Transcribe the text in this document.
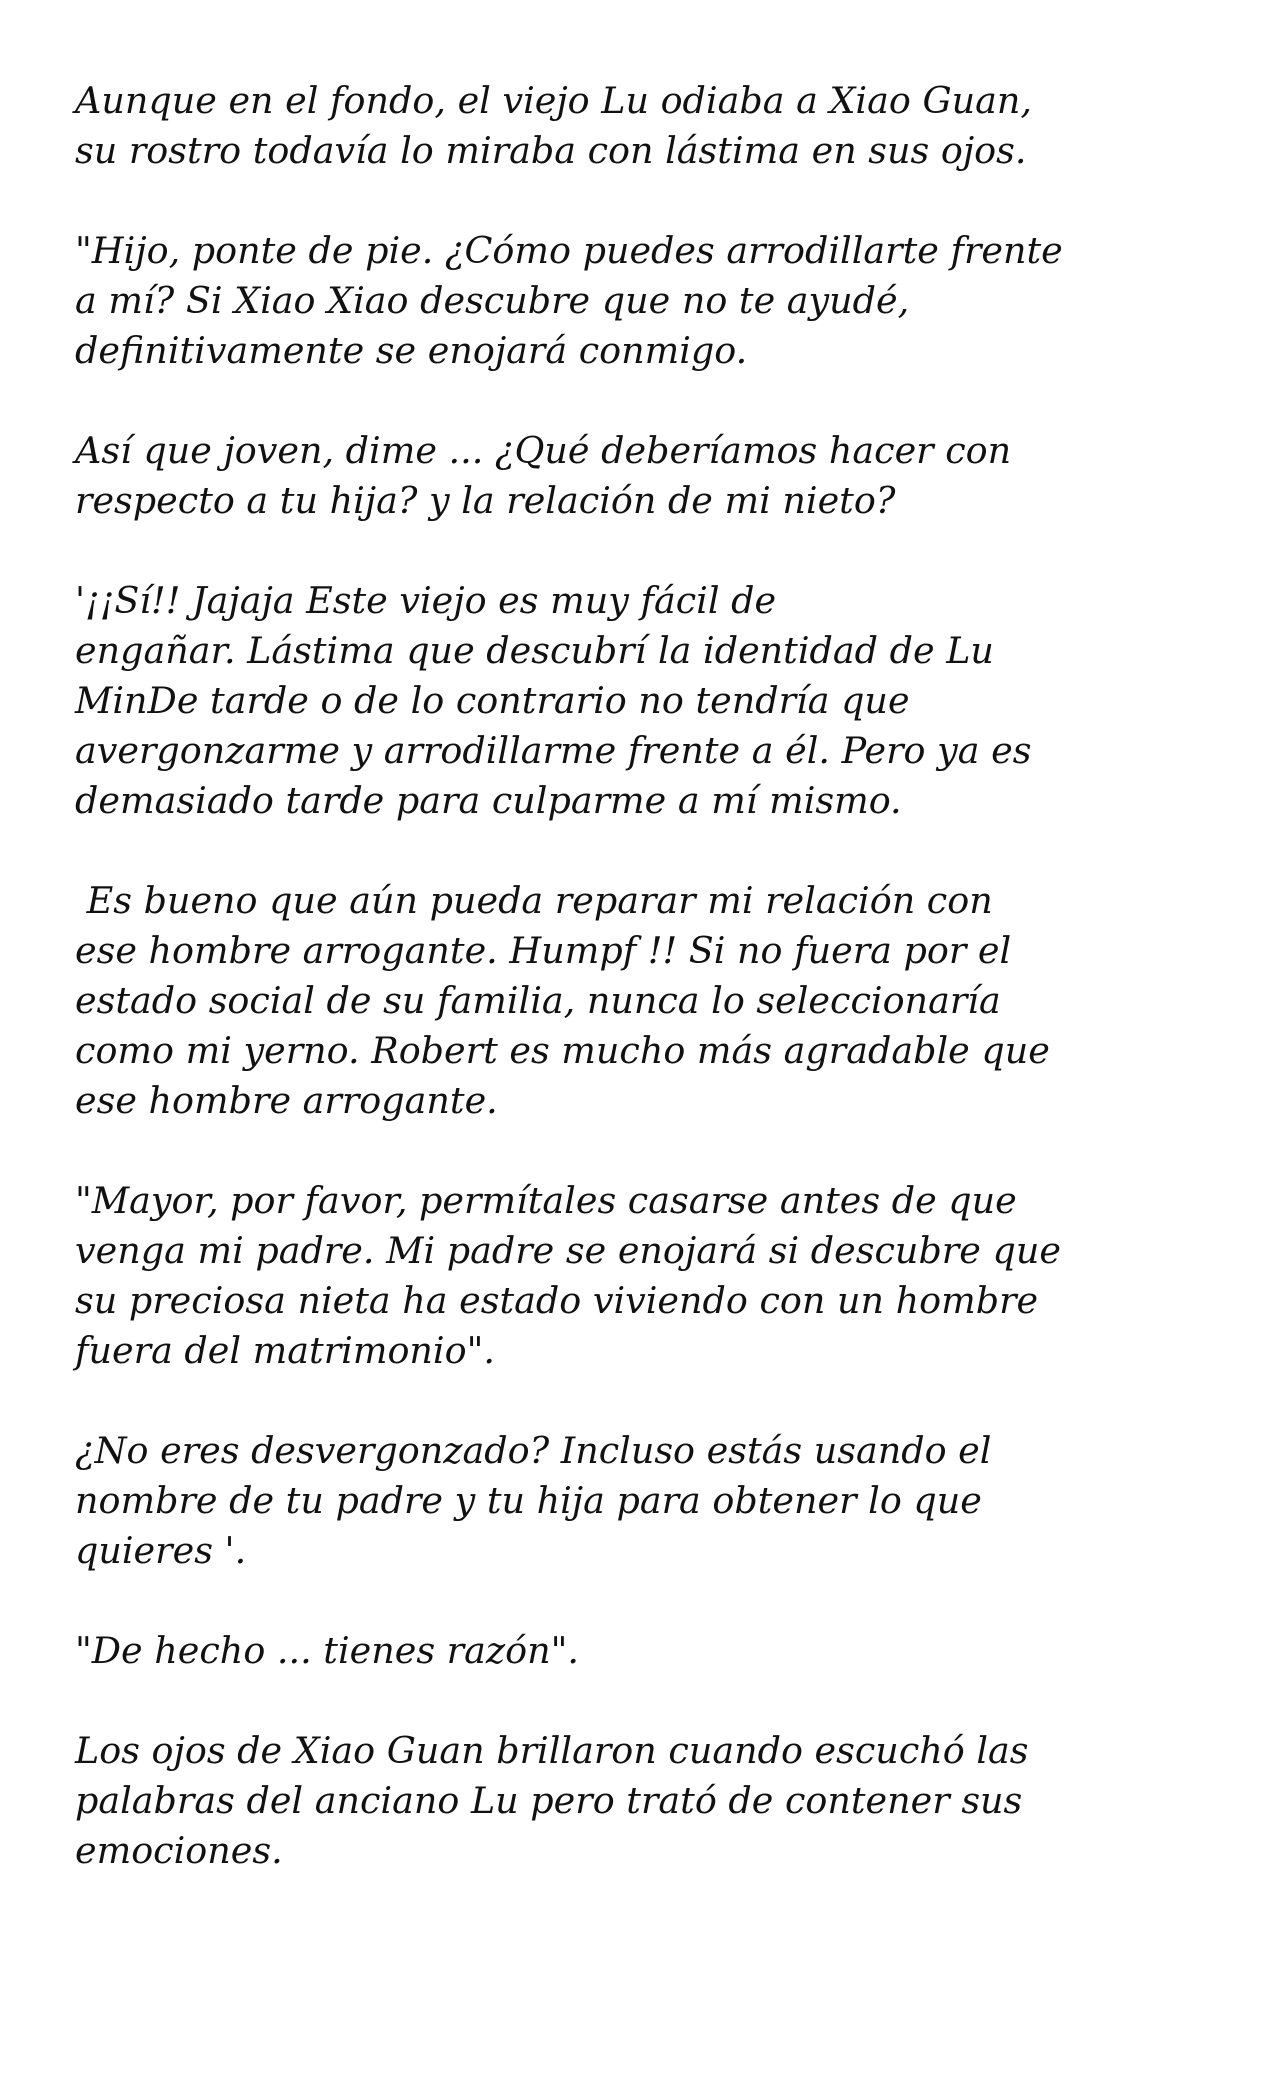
Aunque en el fondo, el viejo Lu odiaba a Xiao Guan,
su rostro todavía lo miraba con lástima en sus ojos.

"Hijo, ponte de pie. ¿Cómo puedes arrodillarte frente
a mí? Si Xiao Xiao descubre que no te ayudé,
definitivamente se enojará conmigo.

Así que joven, dime ... ¿Qué deberíamos hacer con
respecto a tu hija? y la relación de mi nieto?

'¡¡Sí!! Jajaja Este viejo es muy fácil de
engañar. Lástima que descubrí la identidad de Lu
MinDe tarde o de lo contrario no tendría que
avergonzarme y arrodillarme frente a él. Pero ya es
demasiado tarde para culparme a mí mismo.

Es bueno que aún pueda reparar mi relación con
ese hombre arrogante. Humpf !! Si no fuera por el
estado social de su familia, nunca lo seleccionaría
como mi yerno. Robert es mucho más agradable que
ese hombre arrogante.

"Mayor, por favor, permítales casarse antes de que
venga mi padre. Mi padre se enojará si descubre que
su preciosa nieta ha estado viviendo con un hombre
fuera del matrimonio".

¿No eres desvergonzado? Incluso estás usando el
nombre de tu padre y tu hija para obtener lo que
quieres '.

"De hecho ... tienes razón".

Los ojos de Xiao Guan brillaron cuando escuchó las
palabras del anciano Lu pero trató de contener sus
emociones.
